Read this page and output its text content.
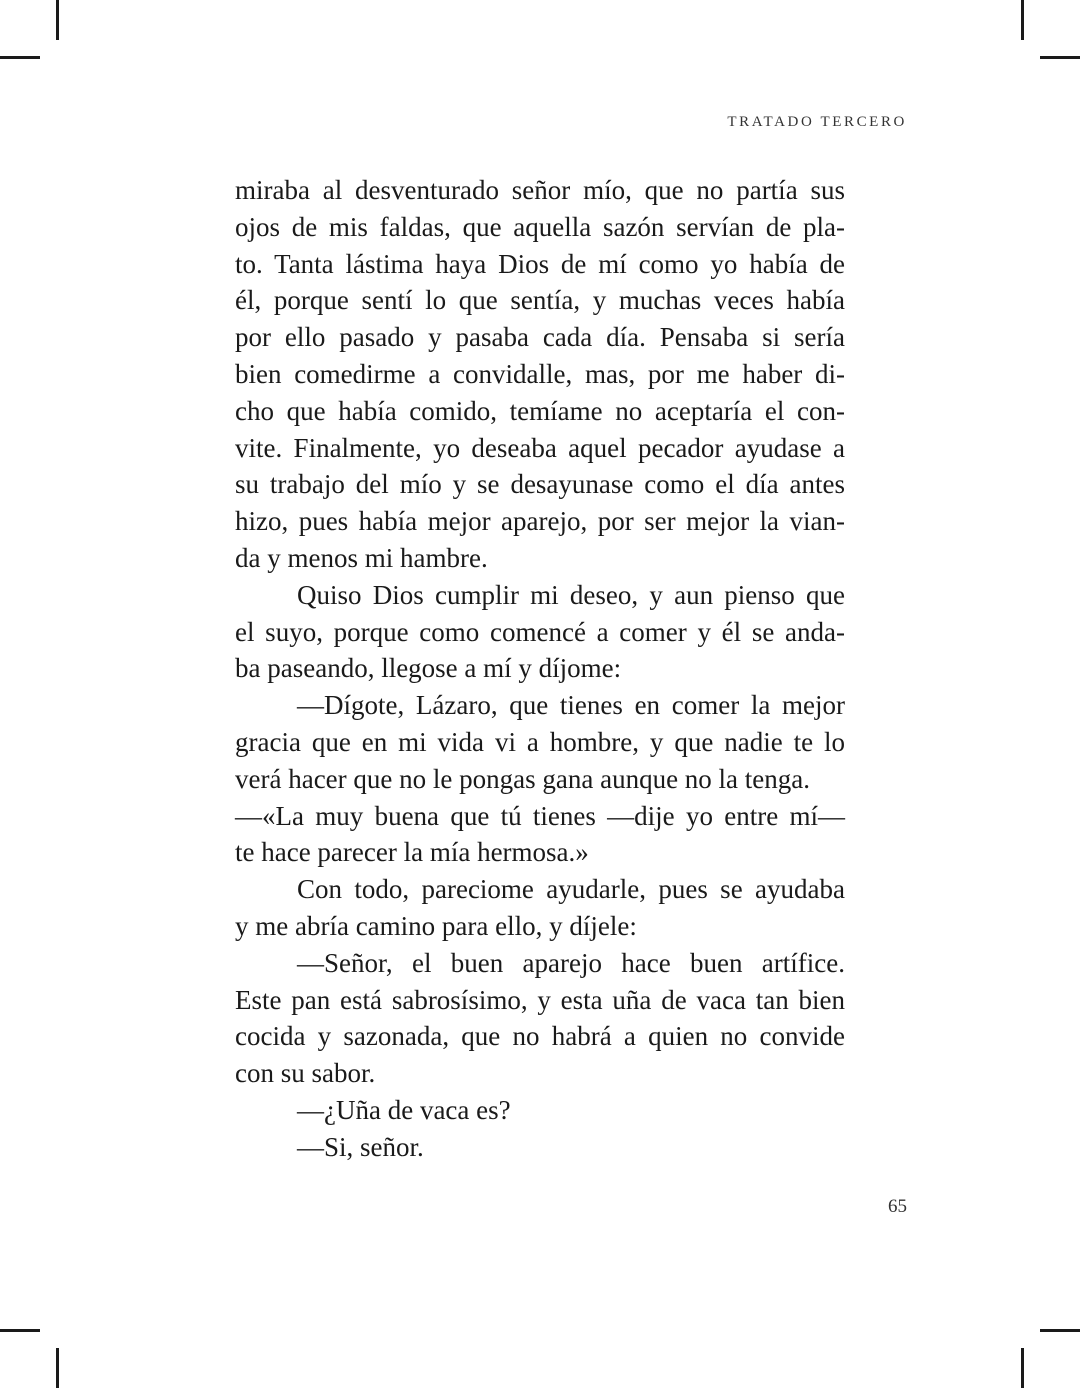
TRATADO TERCERO
miraba al desventurado señor mío, que no partía sus
ojos de mis faldas, que aquella sazón servían de pla-
to. Tanta lástima haya Dios de mí como yo había de
él, porque sentí lo que sentía, y muchas veces había
por ello pasado y pasaba cada día. Pensaba si sería
bien comedirme a convidalle, mas, por me haber di-
cho que había comido, temíame no aceptaría el con-
vite. Finalmente, yo deseaba aquel pecador ayudase a
su trabajo del mío y se desayunase como el día antes
hizo, pues había mejor aparejo, por ser mejor la vian-
da y menos mi hambre.
Quiso Dios cumplir mi deseo, y aun pienso que
el suyo, porque como comencé a comer y él se anda-
ba paseando, llegose a mí y díjome:
—Dígote, Lázaro, que tienes en comer la mejor
gracia que en mi vida vi a hombre, y que nadie te lo
verá hacer que no le pongas gana aunque no la tenga.
—«La muy buena que tú tienes —dije yo entre mí—
te hace parecer la mía hermosa.»
Con todo, pareciome ayudarle, pues se ayudaba
y me abría camino para ello, y díjele:
—Señor, el buen aparejo hace buen artífice.
Este pan está sabrosísimo, y esta uña de vaca tan bien
cocida y sazonada, que no habrá a quien no convide
con su sabor.
—¿Uña de vaca es?
—Si, señor.
65
